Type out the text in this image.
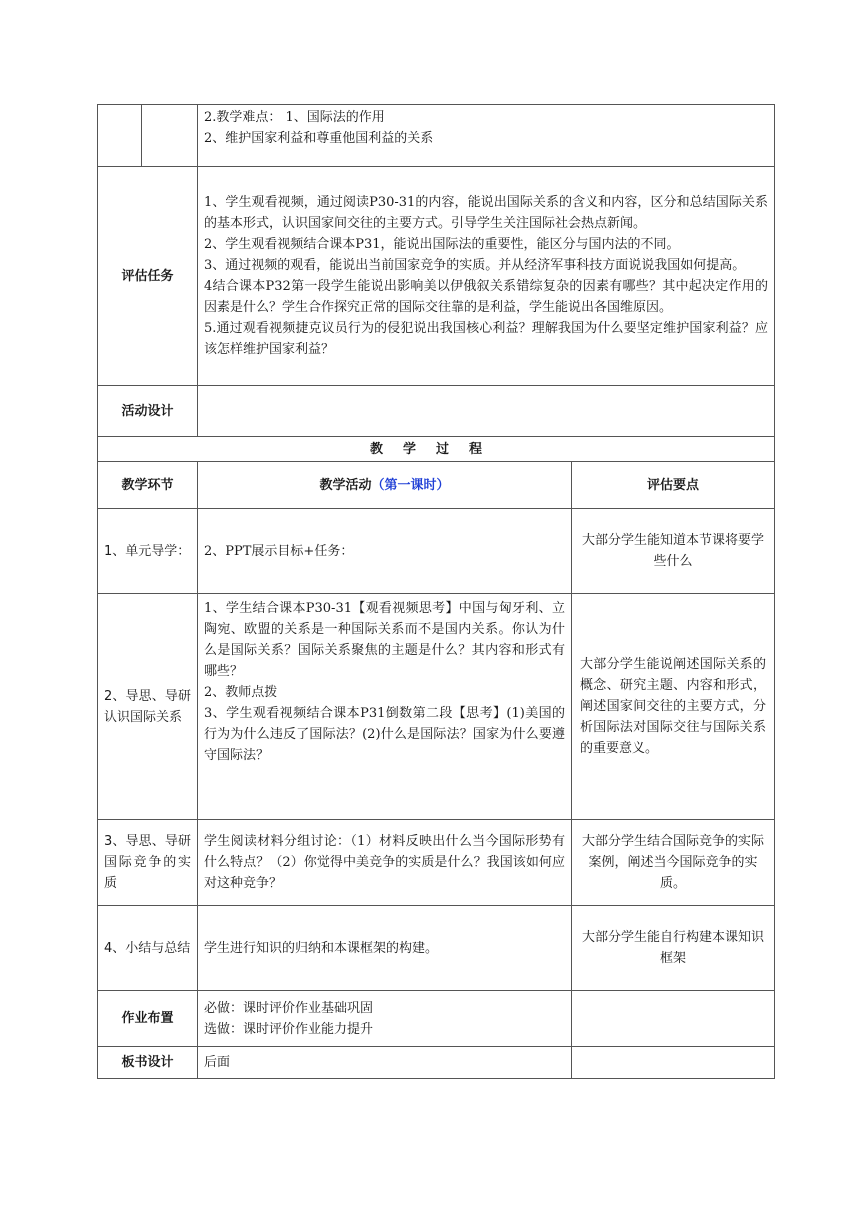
		2.教学难点： 1、国际法的作用
2、维护国家利益和尊重他国利益的关系	

评估任务		1、学生观看视频，通过阅读P30-31的内容，能说出国际关系的含义和内容，区分和总结国际关系的基本形式，认识国家间交往的主要方式。引导学生关注国际社会热点新闻。
2、学生观看视频结合课本P31，能说出国际法的重要性，能区分与国内法的不同。
3、通过视频的观看，能说出当前国家竞争的实质。并从经济军事科技方面说说我国如何提高。
4结合课本P32第一段学生能说出影响美以伊俄叙关系错综复杂的因素有哪些？其中起决定作用的因素是什么？学生合作探究正常的国际交往靠的是利益，学生能说出各国维原因。
5.通过观看视频捷克议员行为的侵犯说出我国核心利益？理解我国为什么要坚定维护国家利益？应该怎样维护国家利益？	

活动设计			
教学过程			
教学环节		教学活动（第一课时）	评估要点
1、单元导学：		2、PPT展示目标+任务：	大部分学生能知道本节课将要学些什么
2、导思、导研认识国际关系		1、学生结合课本P30-31【观看视频思考】中国与匈牙利、立陶宛、欧盟的关系是一种国际关系而不是国内关系。你认为什么是国际关系？国际关系聚焦的主题是什么？其内容和形式有哪些？
2、教师点拨
3、学生观看视频结合课本P31倒数第二段【思考】(1)美国的行为为什么违反了国际法？(2)什么是国际法？国家为什么要遵守国际法？	大部分学生能说阐述国际关系的概念、研究主题、内容和形式，阐述国家间交往的主要方式，分析国际法对国际交往与国际关系的重要意义。
3、导思、导研国际竞争的实质		学生阅读材料分组讨论：（1）材料反映出什么当今国际形势有什么特点？（2）你觉得中美竞争的实质是什么？我国该如何应对这种竞争？	大部分学生结合国际竞争的实际案例，阐述当今国际竞争的实质。
4、小结与总结		学生进行知识的归纳和本课框架的构建。	大部分学生能自行构建本课知识框架
作业布置		必做：课时评价作业基础巩固
选做：课时评价作业能力提升	

板书设计		后面	
